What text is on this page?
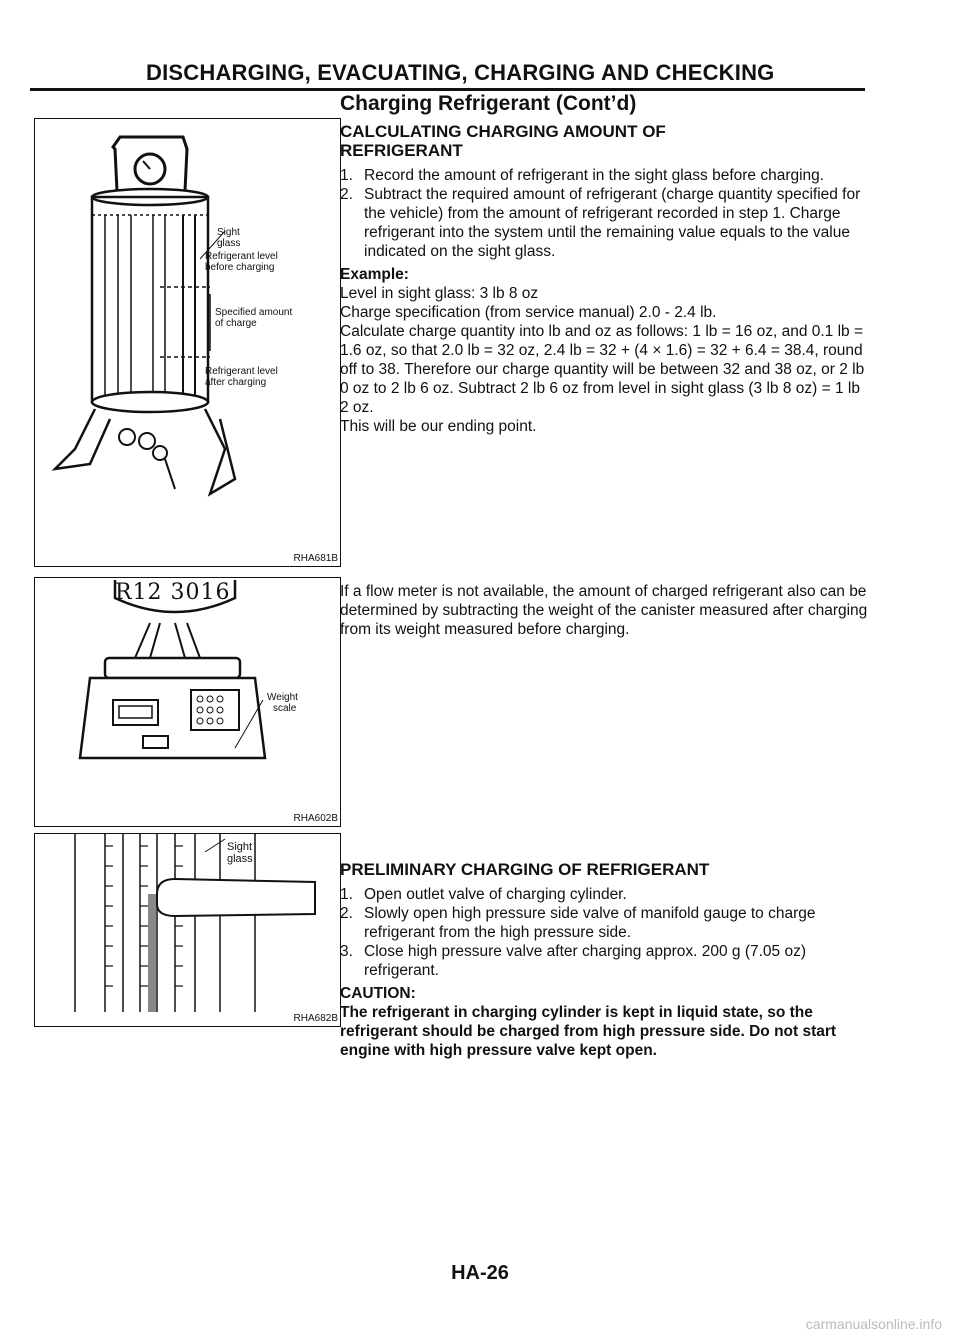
DISCHARGING, EVACUATING, CHARGING AND CHECKING
Charging Refrigerant (Cont’d)
Sight
glass
Refrigerant level
before charging
Specified amount
of charge
Refrigerant level
after charging
RHA681B
R12 3016
Weight
scale
RHA602B
Sight
glass
RHA682B
CALCULATING CHARGING AMOUNT OF
REFRIGERANT
1. Record the amount of refrigerant in the sight glass before charging.
2. Subtract the required amount of refrigerant (charge quantity specified for the vehicle) from the amount of refrigerant recorded in step 1. Charge refrigerant into the system until the remaining value equals to the value indicated on the sight glass.
Example:
Level in sight glass: 3 lb 8 oz
Charge specification (from service manual) 2.0 - 2.4 lb.
Calculate charge quantity into lb and oz as follows: 1 lb = 16 oz, and 0.1 lb = 1.6 oz, so that 2.0 lb = 32 oz, 2.4 lb = 32 + (4 × 1.6) = 32 + 6.4 = 38.4, round off to 38. Therefore our charge quantity will be between 32 and 38 oz, or 2 lb 0 oz to 2 lb 6 oz. Subtract 2 lb 6 oz from level in sight glass (3 lb 8 oz) = 1 lb 2 oz.
This will be our ending point.
If a flow meter is not available, the amount of charged refrigerant also can be determined by subtracting the weight of the canister measured after charging from its weight measured before charging.
PRELIMINARY CHARGING OF REFRIGERANT
1. Open outlet valve of charging cylinder.
2. Slowly open high pressure side valve of manifold gauge to charge refrigerant from the high pressure side.
3. Close high pressure valve after charging approx. 200 g (7.05 oz) refrigerant.
CAUTION:
The refrigerant in charging cylinder is kept in liquid state, so the refrigerant should be charged from high pressure side. Do not start engine with high pressure valve kept open.
HA-26
carmanualsonline.info
